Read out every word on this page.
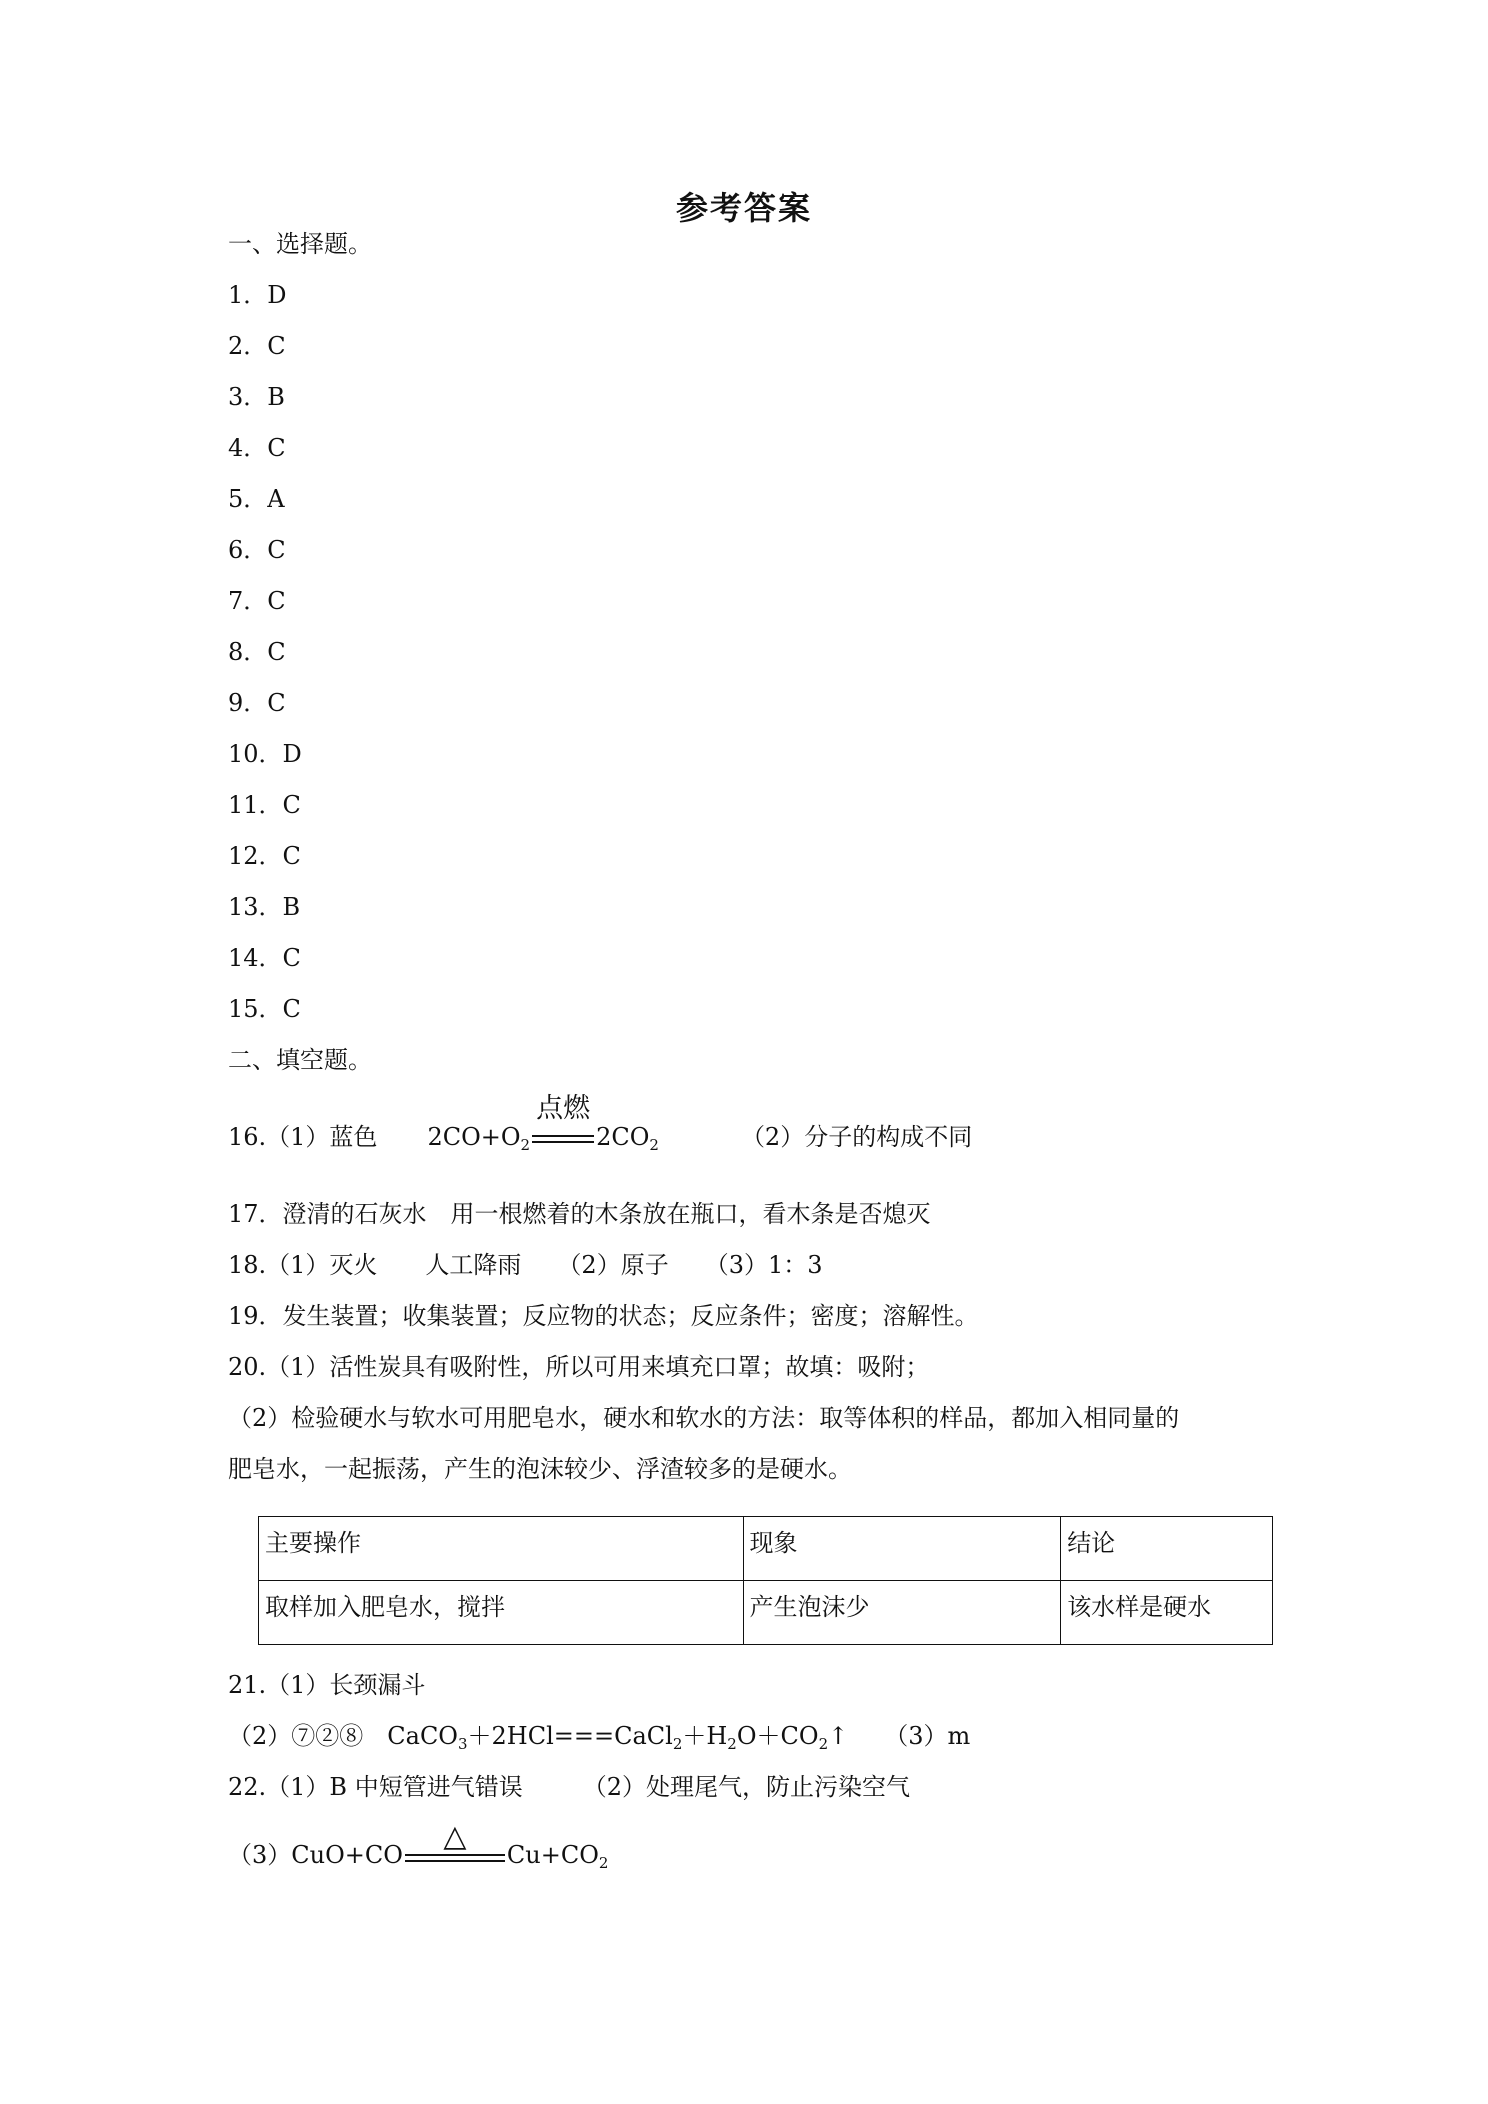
参考答案
一、选择题。
1．D
2．C
3．B
4．C
5．A
6．C
7．C
8．C
9．C
10．D
11．C
12．C
13．B
14．C
15．C
二、填空题。
16.（1）蓝色 $2CO+O_2$
点燃
$2CO_2$	（2）分子的构成不同
17．澄清的石灰水　用一根燃着的木条放在瓶口，看木条是否熄灭
18.（1）灭火　　人工降雨　　（2）原子　　（3）1：3
19．发生装置；收集装置；反应物的状态；反应条件；密度；溶解性。
20.（1）活性炭具有吸附性，所以可用来填充口罩；故填：吸附；
（2）检验硬水与软水可用肥皂水，硬水和软水的方法：取等体积的样品，都加入相同量的
肥皂水，一起振荡，产生的泡沫较少、浮渣较多的是硬水。
主要操作	现象	结论
取样加入肥皂水，搅拌	产生泡沫少	该水样是硬水
21.（1）长颈漏斗
（2）⑦②⑧　$CaCO_3+2HCl===CaCl_2+H_2O+CO_2↑$　　（3）m
22.（1）B 中短管进气错误　　　（2）处理尾气，防止污染空气
（3）CuO+CO
△
$Cu+CO_2$
